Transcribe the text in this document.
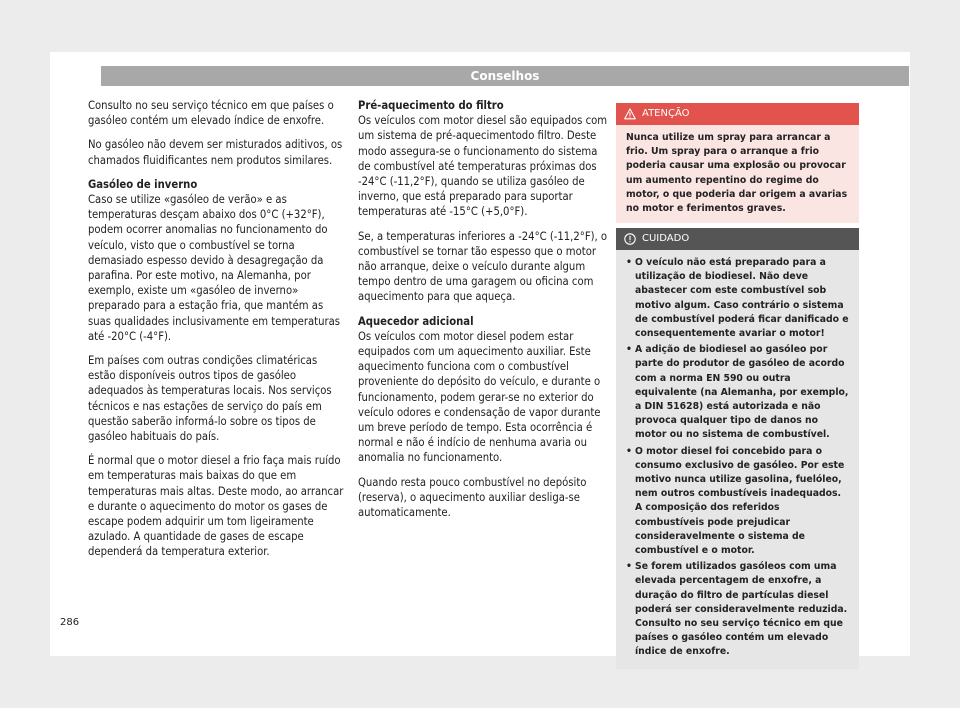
Conselhos

Consulto no seu serviço técnico em que países o gasóleo contém um elevado índice de enxofre.

No gasóleo não devem ser misturados aditivos, os chamados fluidificantes nem produtos similares.

Gasóleo de inverno

Caso se utilize «gasóleo de verão» e as temperaturas desçam abaixo dos 0°C (+32°F), podem ocorrer anomalias no funcionamento do veículo, visto que o combustível se torna demasiado espesso devido à desagregação da parafina. Por este motivo, na Alemanha, por exemplo, existe um «gasóleo de inverno» preparado para a estação fria, que mantém as suas qualidades inclusivamente em temperaturas até -20°C (-4°F).

Em países com outras condições climatéricas estão disponíveis outros tipos de gasóleo adequados às temperaturas locais. Nos serviços técnicos e nas estações de serviço do país em questão saberão informá-lo sobre os tipos de gasóleo habituais do país.

É normal que o motor diesel a frio faça mais ruído em temperaturas mais baixas do que em temperaturas mais altas. Deste modo, ao arrancar e durante o aquecimento do motor os gases de escape podem adquirir um tom ligeiramente azulado. A quantidade de gases de escape dependerá da temperatura exterior.

Pré-aquecimento do filtro

Os veículos com motor diesel são equipados com um sistema de pré-aquecimentodo filtro. Deste modo assegura-se o funcionamento do sistema de combustível até temperaturas próximas dos -24°C (-11,2°F), quando se utiliza gasóleo de inverno, que está preparado para suportar temperaturas até -15°C (+5,0°F).

Se, a temperaturas inferiores a -24°C (-11,2°F), o combustível se tornar tão espesso que o motor não arranque, deixe o veículo durante algum tempo dentro de uma garagem ou oficina com aquecimento para que aqueça.

Aquecedor adicional

Os veículos com motor diesel podem estar equipados com um aquecimento auxiliar. Este aquecimento funciona com o combustível proveniente do depósito do veículo, e durante o funcionamento, podem gerar-se no exterior do veículo odores e condensação de vapor durante um breve período de tempo. Esta ocorrência é normal e não é indício de nenhuma avaria ou anomalia no funcionamento.

Quando resta pouco combustível no depósito (reserva), o aquecimento auxiliar desliga-se automaticamente.

ATENÇÃO
Nunca utilize um spray para arrancar a frio. Um spray para o arranque a frio poderia causar uma explosão ou provocar um aumento repentino do regime do motor, o que poderia dar origem a avarias no motor e ferimentos graves.
CUIDADO
• O veículo não está preparado para a utilização de biodiesel. Não deve abastecer com este combustível sob motivo algum. Caso contrário o sistema de combustível poderá ficar danificado e consequentemente avariar o motor!
• A adição de biodiesel ao gasóleo por parte do produtor de gasóleo de acordo com a norma EN 590 ou outra equivalente (na Alemanha, por exemplo, a DIN 51628) está autorizada e não provoca qualquer tipo de danos no motor ou no sistema de combustível.
• O motor diesel foi concebido para o consumo exclusivo de gasóleo. Por este motivo nunca utilize gasolina, fuelóleo, nem outros combustíveis inadequados. A composição dos referidos combustíveis pode prejudicar consideravelmente o sistema de combustível e o motor.
• Se forem utilizados gasóleos com uma elevada percentagem de enxofre, a duração do filtro de partículas diesel poderá ser consideravelmente reduzida. Consulto no seu serviço técnico em que países o gasóleo contém um elevado índice de enxofre.
286
